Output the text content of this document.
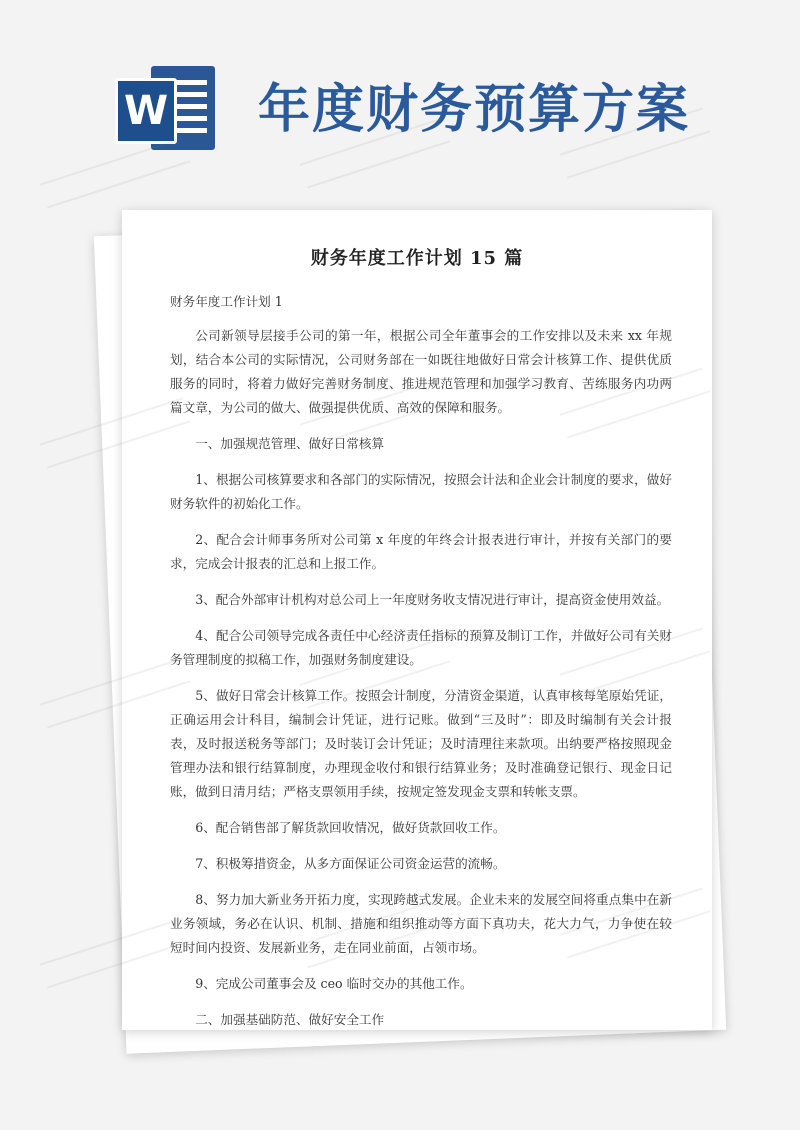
W 年度财务预算方案
财务年度工作计划 15 篇

财务年度工作计划 1

公司新领导层接手公司的第一年，根据公司全年董事会的工作安排以及未来 xx 年规划，结合本公司的实际情况，公司财务部在一如既往地做好日常会计核算工作、提供优质服务的同时，将着力做好完善财务制度、推进规范管理和加强学习教育、苦练服务内功两篇文章，为公司的做大、做强提供优质、高效的保障和服务。

一、加强规范管理、做好日常核算

1、根据公司核算要求和各部门的实际情况，按照会计法和企业会计制度的要求，做好财务软件的初始化工作。

2、配合会计师事务所对公司第 x 年度的年终会计报表进行审计，并按有关部门的要求，完成会计报表的汇总和上报工作。

3、配合外部审计机构对总公司上一年度财务收支情况进行审计，提高资金使用效益。

4、配合公司领导完成各责任中心经济责任指标的预算及制订工作，并做好公司有关财务管理制度的拟稿工作，加强财务制度建设。

5、做好日常会计核算工作。按照会计制度，分清资金渠道，认真审核每笔原始凭证，正确运用会计科目，编制会计凭证，进行记账。做到“三及时”：即及时编制有关会计报表，及时报送税务等部门；及时装订会计凭证；及时清理往来款项。出纳要严格按照现金管理办法和银行结算制度，办理现金收付和银行结算业务；及时准确登记银行、现金日记账，做到日清月结；严格支票领用手续，按规定签发现金支票和转帐支票。

6、配合销售部了解货款回收情况，做好货款回收工作。

7、积极筹措资金，从多方面保证公司资金运营的流畅。

8、努力加大新业务开拓力度，实现跨越式发展。企业未来的发展空间将重点集中在新业务领域，务必在认识、机制、措施和组织推动等方面下真功夫，花大力气，力争使在较短时间内投资、发展新业务，走在同业前面，占领市场。

9、完成公司董事会及 ceo 临时交办的其他工作。

二、加强基础防范、做好安全工作
